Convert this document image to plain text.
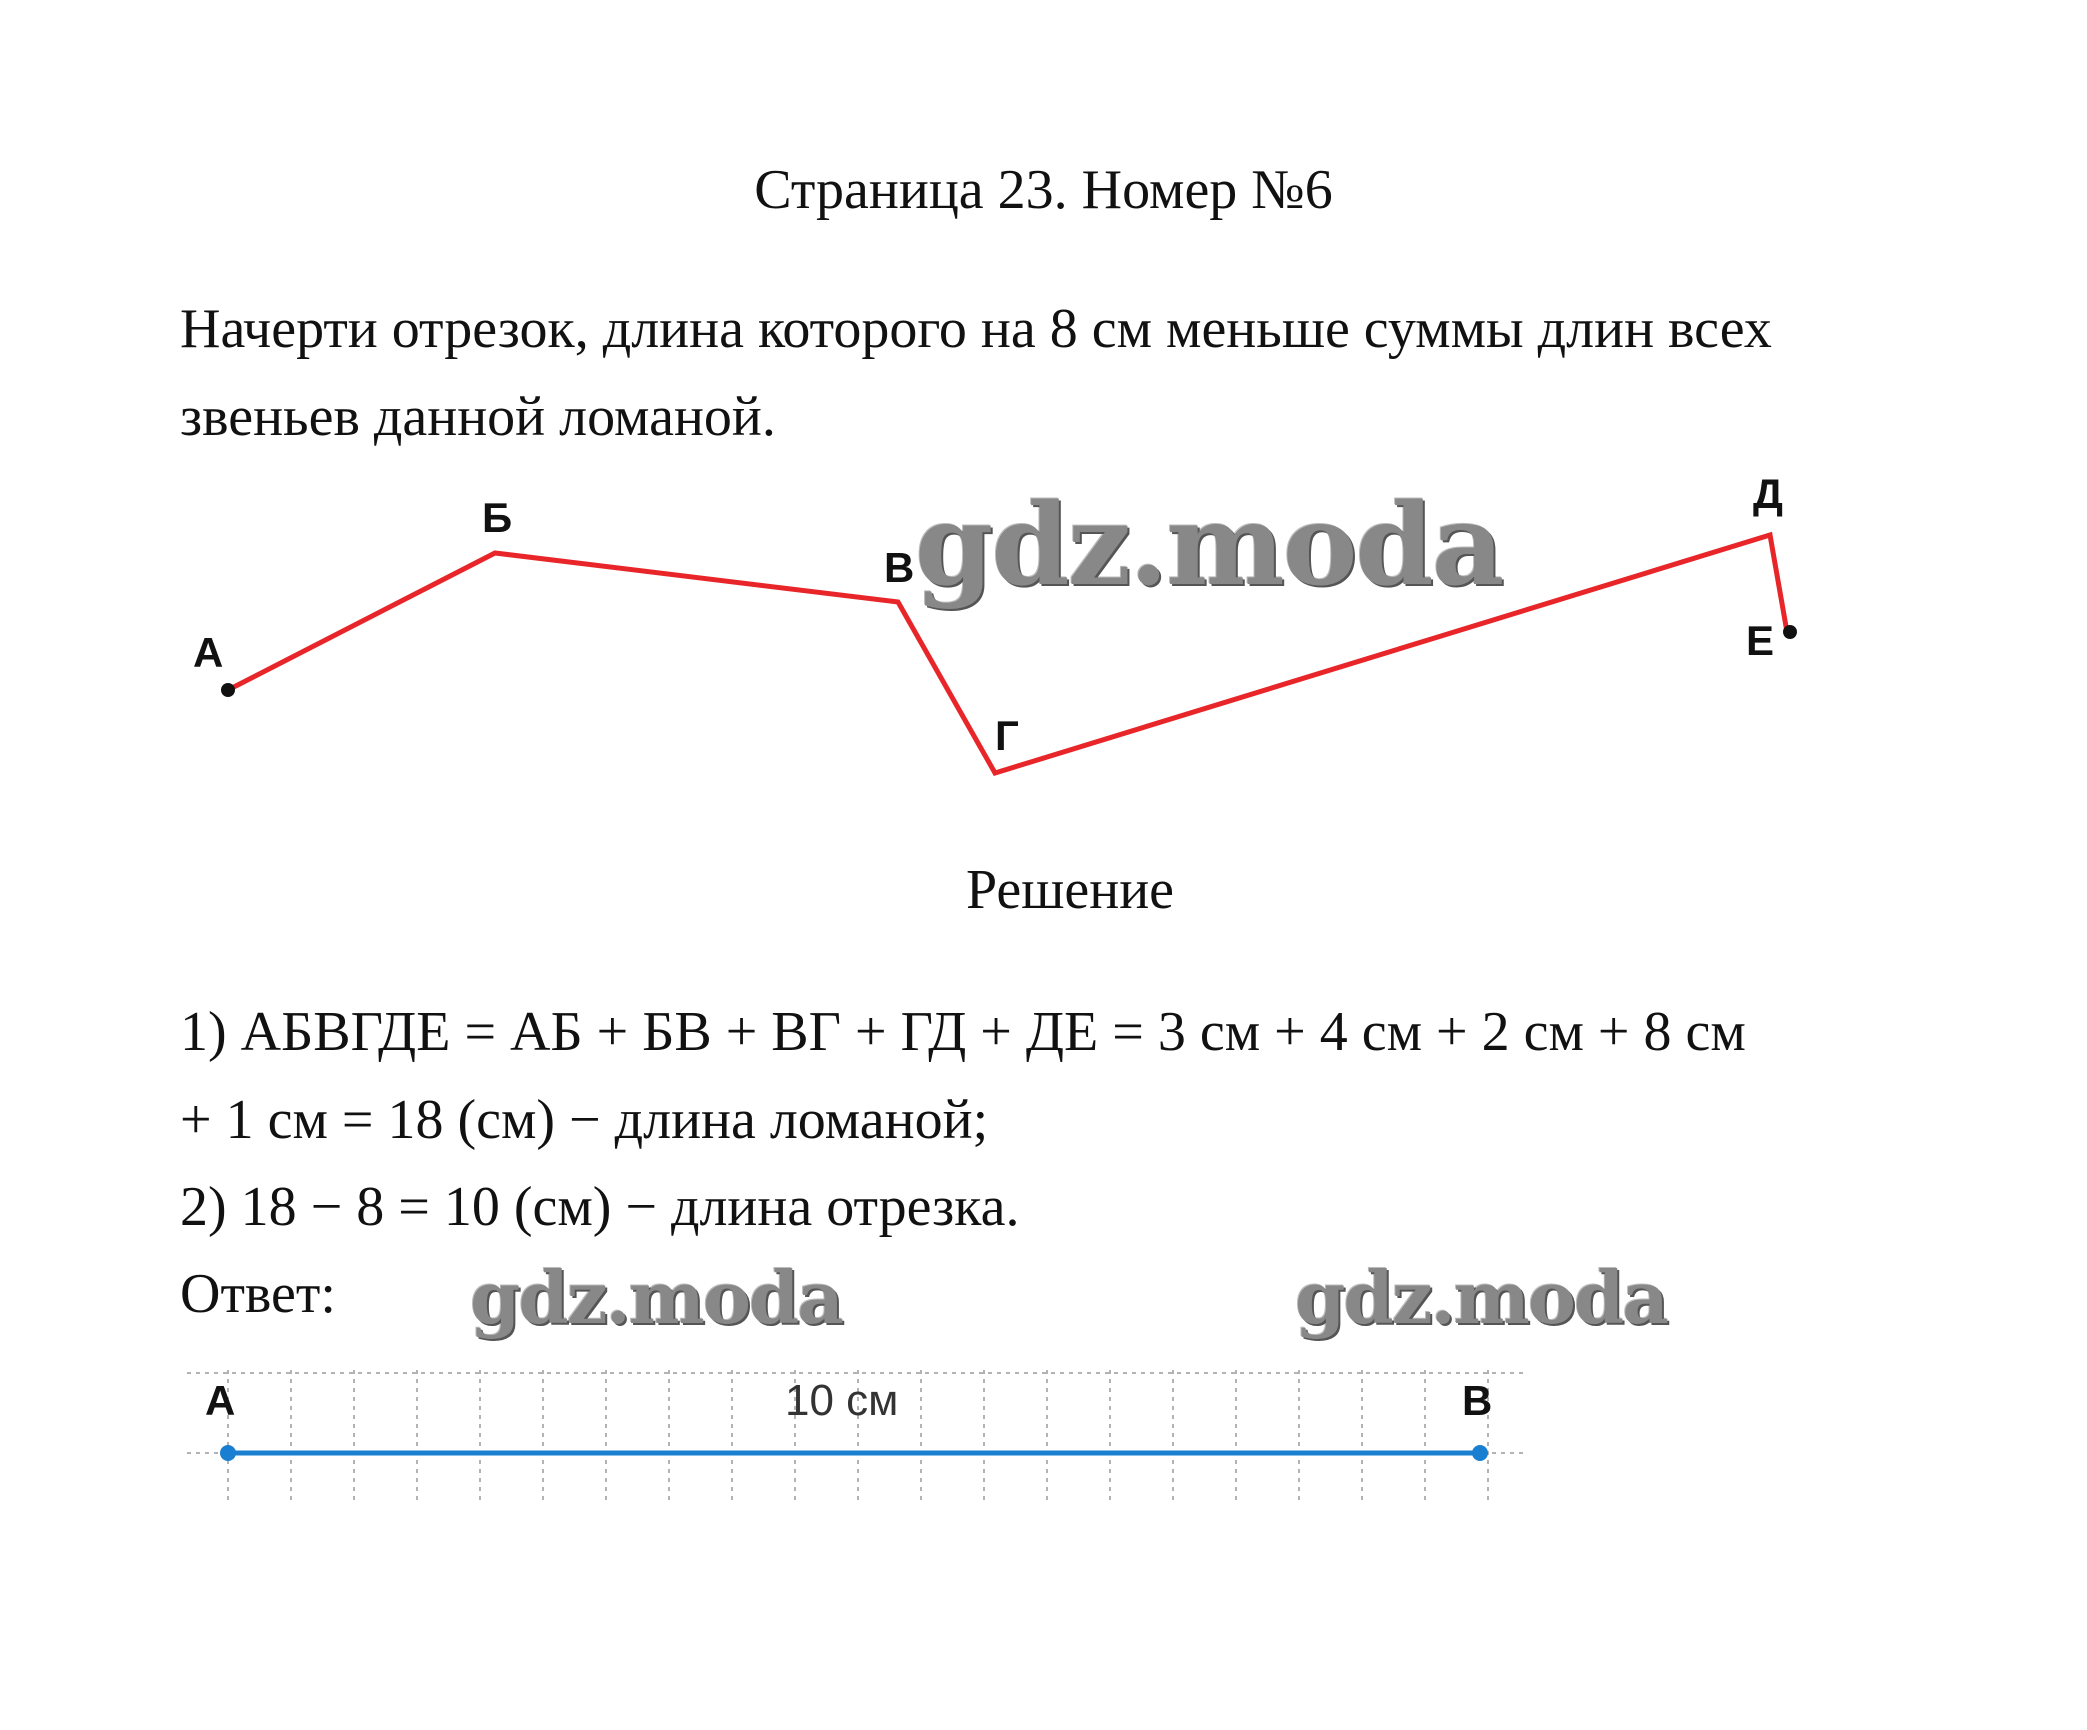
Страница 23. Номер №6

Начерти отрезок, длина которого на 8 см меньше суммы длин всех звеньев данной ломаной.

А
Б
В
Г
Д
Е
gdz.moda
Решение
1) АБВГДЕ = АБ + БВ + ВГ + ГД + ДЕ = 3 см + 4 см + 2 см + 8 см
+ 1 см = 18 (см) − длина ломаной;
2) 18 − 8 = 10 (см) − длина отрезка.
Ответ: gdz.moda	gdz.moda
А	В
10 см
